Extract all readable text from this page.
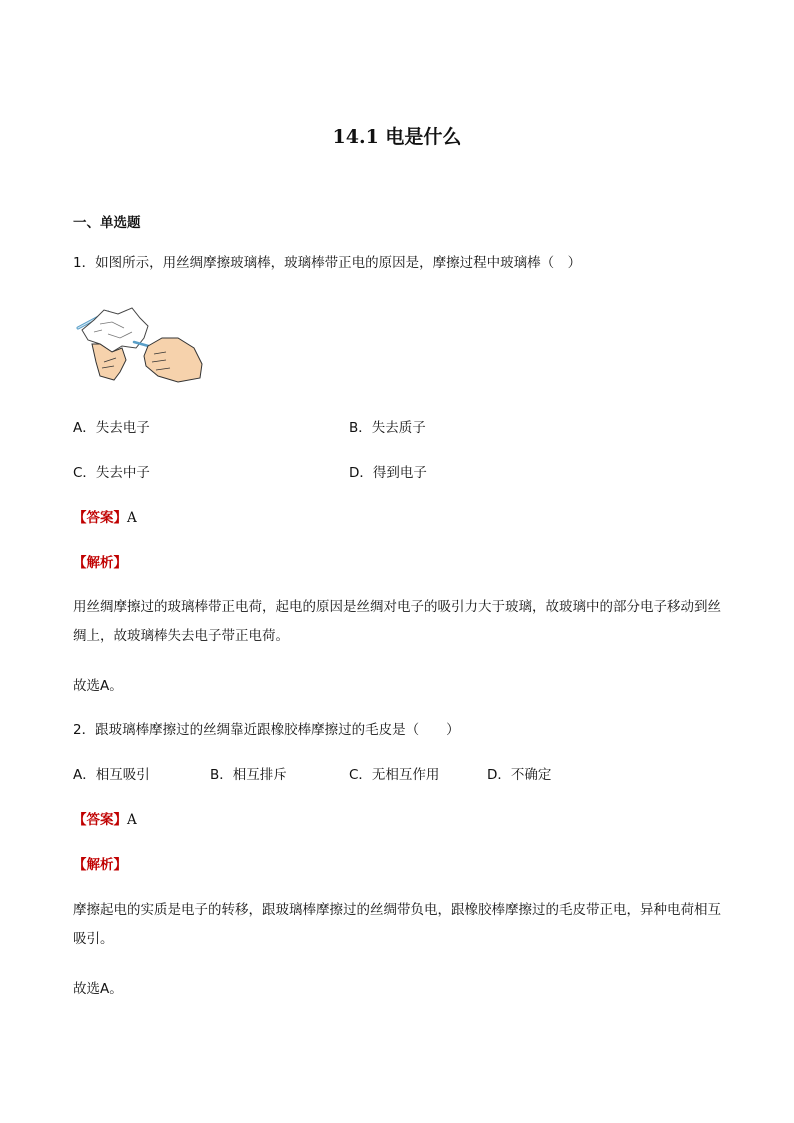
14.1 电是什么
一、单选题
1．如图所示，用丝绸摩擦玻璃棒，玻璃棒带正电的原因是，摩擦过程中玻璃棒（　）
A．失去电子	B．失去质子
C．失去中子	D．得到电子
【答案】A
【解析】
用丝绸摩擦过的玻璃棒带正电荷，起电的原因是丝绸对电子的吸引力大于玻璃，故玻璃中的部分电子移动到丝绸上，故玻璃棒失去电子带正电荷。
故选A。
2．跟玻璃棒摩擦过的丝绸靠近跟橡胶棒摩擦过的毛皮是（　　）
A．相互吸引	B．相互排斥	C．无相互作用	D．不确定
【答案】A
【解析】
摩擦起电的实质是电子的转移，跟玻璃棒摩擦过的丝绸带负电，跟橡胶棒摩擦过的毛皮带正电，异种电荷相互吸引。
故选A。
